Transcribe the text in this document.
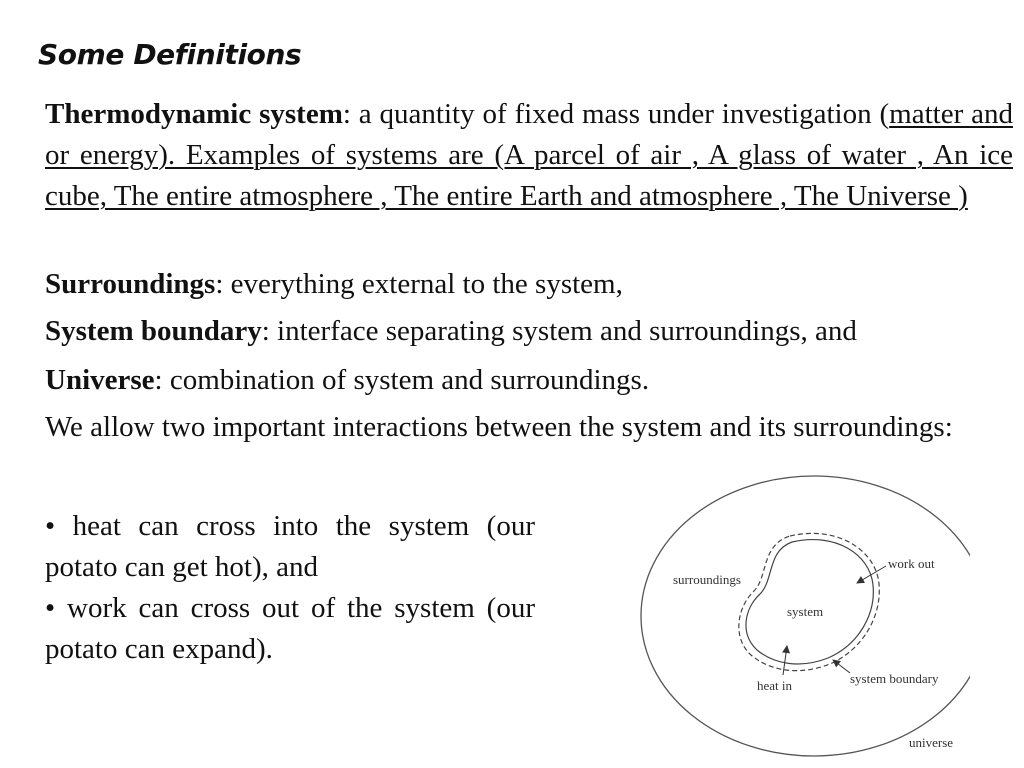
Some Definitions

Thermodynamic system: a quantity of fixed mass under investigation (matter and or energy). Examples of systems are (A parcel of air , A glass of water , An ice cube, The entire atmosphere , The entire Earth and atmosphere , The Universe )

Surroundings: everything external to the system,

System boundary: interface separating system and surroundings, and

Universe: combination of system and surroundings.

We allow two important interactions between the system and its surroundings:

• heat can cross into the system (our potato can get hot), and
• work can cross out of the system (our potato can expand).
surroundings
system
work out
heat in	system boundary
universe
